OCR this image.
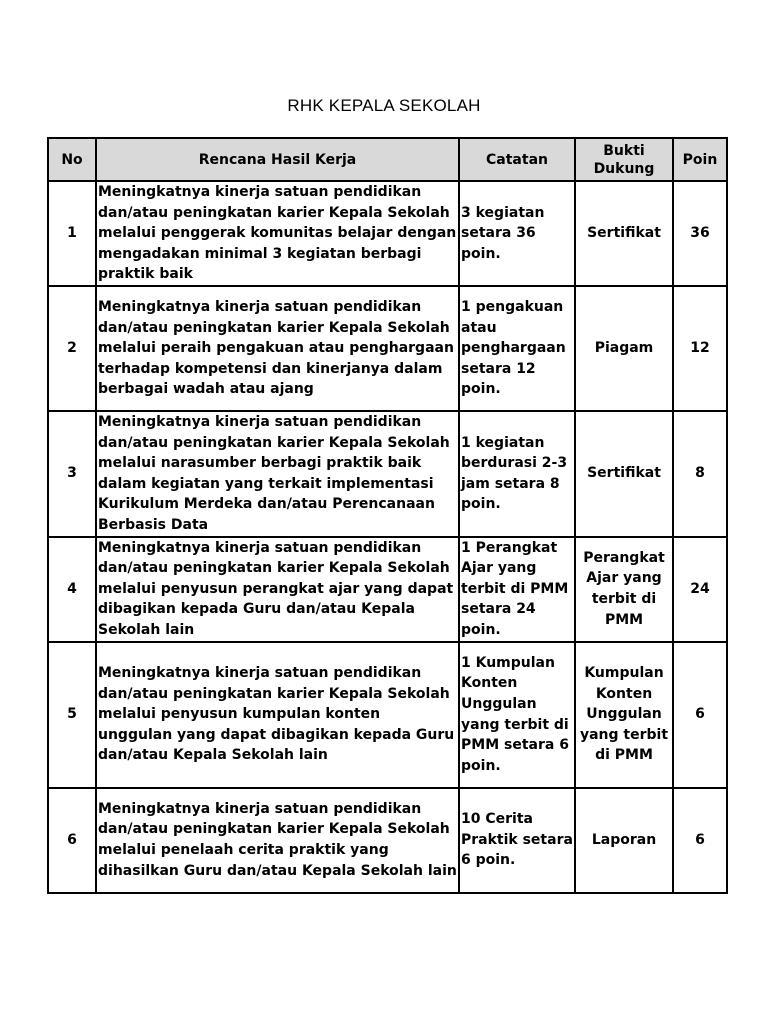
RHK KEPALA SEKOLAH
No	Rencana Hasil Kerja	Catatan	Bukti Dukung	Poin
1	Meningkatnya kinerja satuan pendidikan dan/atau peningkatan karier Kepala Sekolah melalui penggerak komunitas belajar dengan mengadakan minimal 3 kegiatan berbagi praktik baik	3 kegiatan setara 36 poin.	Sertifikat	36
2	Meningkatnya kinerja satuan pendidikan dan/atau peningkatan karier Kepala Sekolah melalui peraih pengakuan atau penghargaan terhadap kompetensi dan kinerjanya dalam berbagai wadah atau ajang	1 pengakuan atau penghargaan setara 12 poin.	Piagam	12
3	Meningkatnya kinerja satuan pendidikan dan/atau peningkatan karier Kepala Sekolah melalui narasumber berbagi praktik baik dalam kegiatan yang terkait implementasi Kurikulum Merdeka dan/atau Perencanaan Berbasis Data	1 kegiatan berdurasi 2-3 jam setara 8 poin.	Sertifikat	8
4	Meningkatnya kinerja satuan pendidikan dan/atau peningkatan karier Kepala Sekolah melalui penyusun perangkat ajar yang dapat dibagikan kepada Guru dan/atau Kepala Sekolah lain	1 Perangkat Ajar yang terbit di PMM setara 24 poin.	Perangkat Ajar yang terbit di PMM	24
5	Meningkatnya kinerja satuan pendidikan dan/atau peningkatan karier Kepala Sekolah melalui penyusun kumpulan konten unggulan yang dapat dibagikan kepada Guru dan/atau Kepala Sekolah lain	1 Kumpulan Konten Unggulan yang terbit di PMM setara 6 poin.	Kumpulan Konten Unggulan yang terbit di PMM	6
6	Meningkatnya kinerja satuan pendidikan dan/atau peningkatan karier Kepala Sekolah melalui penelaah cerita praktik yang dihasilkan Guru dan/atau Kepala Sekolah lain	10 Cerita Praktik setara 6 poin.	Laporan	6
